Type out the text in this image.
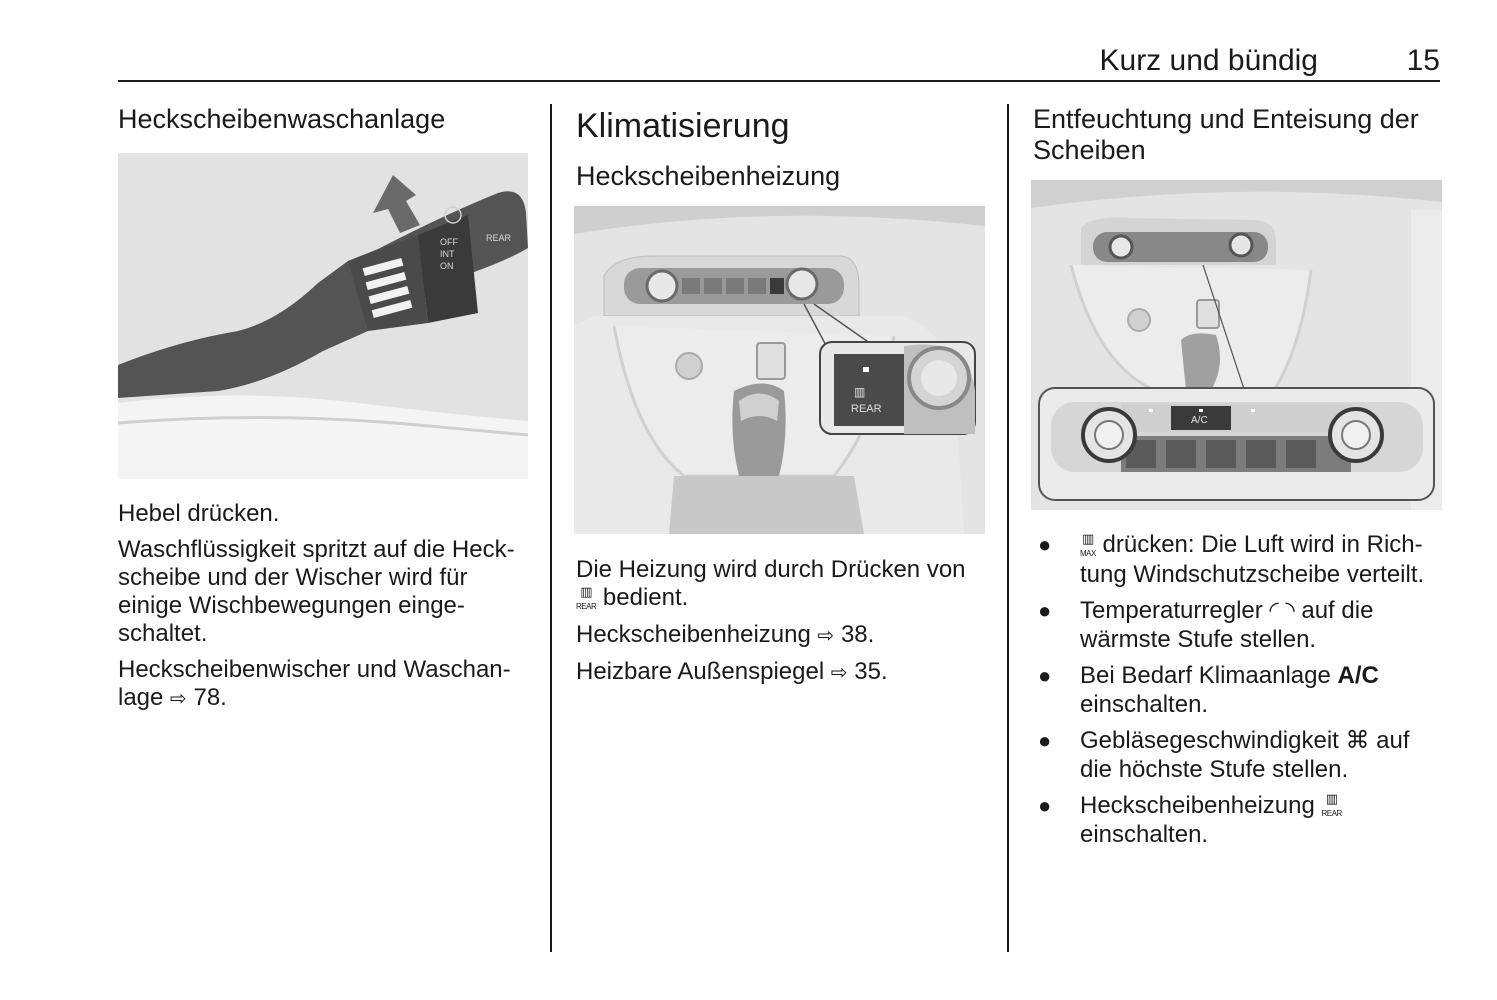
Kurz und bündig	15
Heckscheibenwaschanlage
OFF
INT
ON
REAR

Hebel drücken.

Waschflüssigkeit spritzt auf die Heck-

scheibe und der Wischer wird für

einige Wischbewegungen einge-

schaltet.

Heckscheibenwischer und Waschan-

lage ⇨ 78.

Klimatisierung
Heckscheibenheizung
▥
REAR

Die Heizung wird durch Drücken von

▥
REAR bedient.

Heckscheibenheizung ⇨ 38.

Heizbare Außenspiegel ⇨ 35.

Entfeuchtung und Enteisung der
Scheiben
A/C
● ▥
MAX drücken: Die Luft wird in Rich-
tung Windschutzscheibe verteilt.
● Temperaturregler ◜ ◝ auf die
wärmste Stufe stellen.
● Bei Bedarf Klimaanlage A/C
einschalten.
● Gebläsegeschwindigkeit ⌘ auf
die höchste Stufe stellen.
● Heckscheibenheizung ▥
REAR
einschalten.
